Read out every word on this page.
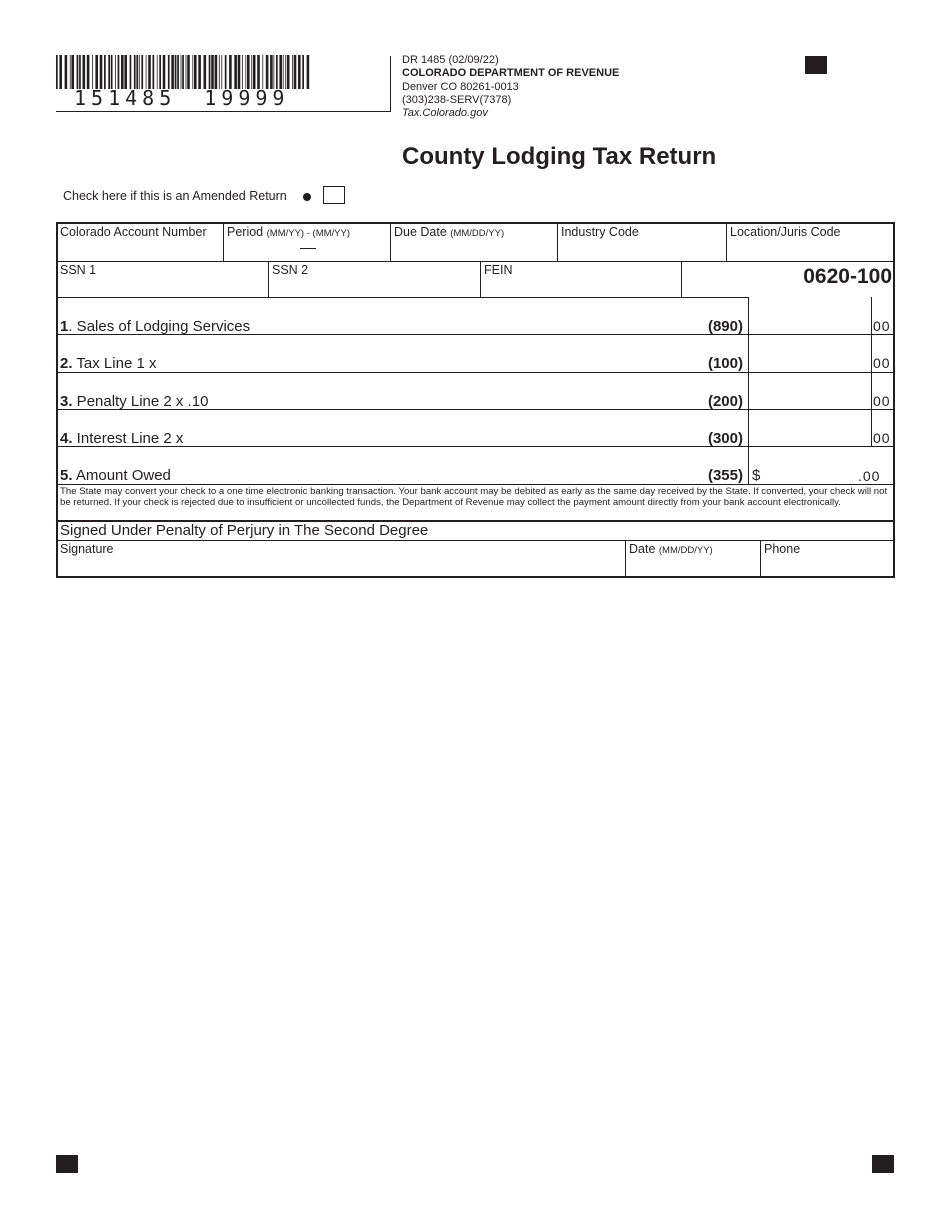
151485 19999
DR 1485 (02/09/22)
COLORADO DEPARTMENT OF REVENUE
Denver CO 80261-0013
(303)238-SERV(7378)
Tax.Colorado.gov
County Lodging Tax Return
Check here if this is an Amended Return
Colorado Account Number Period (MM/YY) - (MM/YY)	Due Date (MM/DD/YY)	Industry Code	Location/Juris Code
SSN 1	SSN 2	FEIN	0620-100
1. Sales of Lodging Services	(890)	00
2. Tax Line 1 x	(100)	00
3. Penalty Line 2 x .10	(200)	00
4. Interest Line 2 x	(300)	00
5. Amount Owed	(355) $	.00
The State may convert your check to a one time electronic banking transaction. Your bank account may be debited as early as the same day received by the State. If converted, your check will not be returned. If your check is rejected due to insufficient or uncollected funds, the Department of Revenue may collect the payment amount directly from your bank account electronically.
Signed Under Penalty of Perjury in The Second Degree
Signature	Date (MM/DD/YY)	Phone
